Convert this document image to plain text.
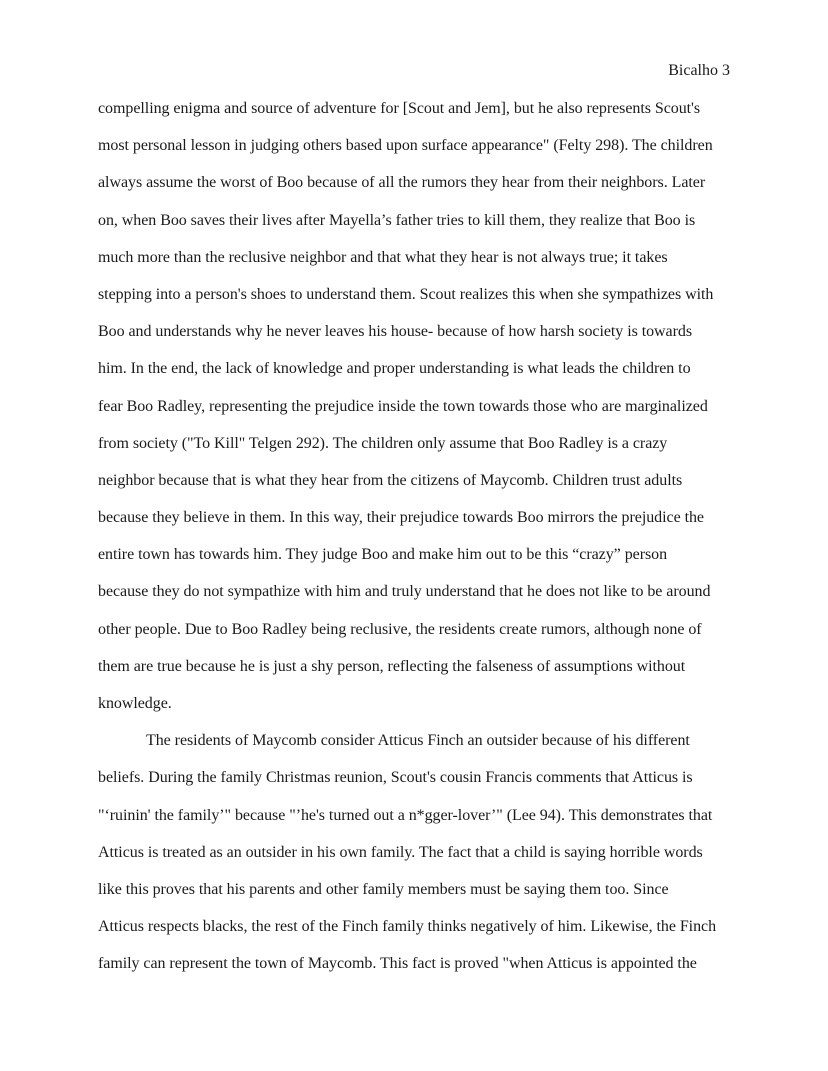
Bicalho 3
compelling enigma and source of adventure for [Scout and Jem], but he also represents Scout's
most personal lesson in judging others based upon surface appearance" (Felty 298). The children
always assume the worst of Boo because of all the rumors they hear from their neighbors. Later
on, when Boo saves their lives after Mayella’s father tries to kill them, they realize that Boo is
much more than the reclusive neighbor and that what they hear is not always true; it takes
stepping into a person's shoes to understand them. Scout realizes this when she sympathizes with
Boo and understands why he never leaves his house- because of how harsh society is towards
him. In the end, the lack of knowledge and proper understanding is what leads the children to
fear Boo Radley, representing the prejudice inside the town towards those who are marginalized
from society ("To Kill" Telgen 292). The children only assume that Boo Radley is a crazy
neighbor because that is what they hear from the citizens of Maycomb. Children trust adults
because they believe in them. In this way, their prejudice towards Boo mirrors the prejudice the
entire town has towards him. They judge Boo and make him out to be this “crazy” person
because they do not sympathize with him and truly understand that he does not like to be around
other people. Due to Boo Radley being reclusive, the residents create rumors, although none of
them are true because he is just a shy person, reflecting the falseness of assumptions without
knowledge.
The residents of Maycomb consider Atticus Finch an outsider because of his different
beliefs. During the family Christmas reunion, Scout's cousin Francis comments that Atticus is
"‘ruinin' the family’" because "’he's turned out a n*gger-lover’" (Lee 94). This demonstrates that
Atticus is treated as an outsider in his own family. The fact that a child is saying horrible words
like this proves that his parents and other family members must be saying them too. Since
Atticus respects blacks, the rest of the Finch family thinks negatively of him. Likewise, the Finch
family can represent the town of Maycomb. This fact is proved "when Atticus is appointed the
